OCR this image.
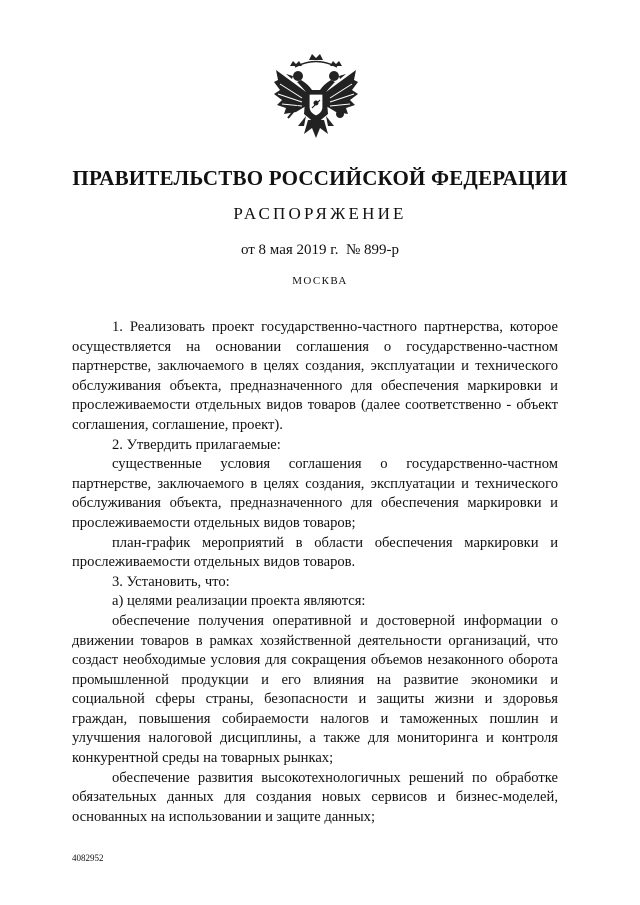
ПРАВИТЕЛЬСТВО РОССИЙСКОЙ ФЕДЕРАЦИИ
РАСПОРЯЖЕНИЕ
от 8 мая 2019 г.  № 899-р
МОСКВА

1. Реализовать проект государственно-частного партнерства, которое осуществляется на основании соглашения о государственно-частном партнерстве, заключаемого в целях создания, эксплуатации и технического обслуживания объекта, предназначенного для обеспечения маркировки и прослеживаемости отдельных видов товаров (далее соответственно - объект соглашения, соглашение, проект).

2. Утвердить прилагаемые:

существенные условия соглашения о государственно-частном партнерстве, заключаемого в целях создания, эксплуатации и технического обслуживания объекта, предназначенного для обеспечения маркировки и прослеживаемости отдельных видов товаров;

план-график мероприятий в области обеспечения маркировки и прослеживаемости отдельных видов товаров.

3. Установить, что:

а) целями реализации проекта являются:

обеспечение получения оперативной и достоверной информации о движении товаров в рамках хозяйственной деятельности организаций, что создаст необходимые условия для сокращения объемов незаконного оборота промышленной продукции и его влияния на развитие экономики и социальной сферы страны, безопасности и защиты жизни и здоровья граждан, повышения собираемости налогов и таможенных пошлин и улучшения налоговой дисциплины, а также для мониторинга и контроля конкурентной среды на товарных рынках;

обеспечение развития высокотехнологичных решений по обработке обязательных данных для создания новых сервисов и бизнес-моделей, основанных на использовании и защите данных;

4082952
